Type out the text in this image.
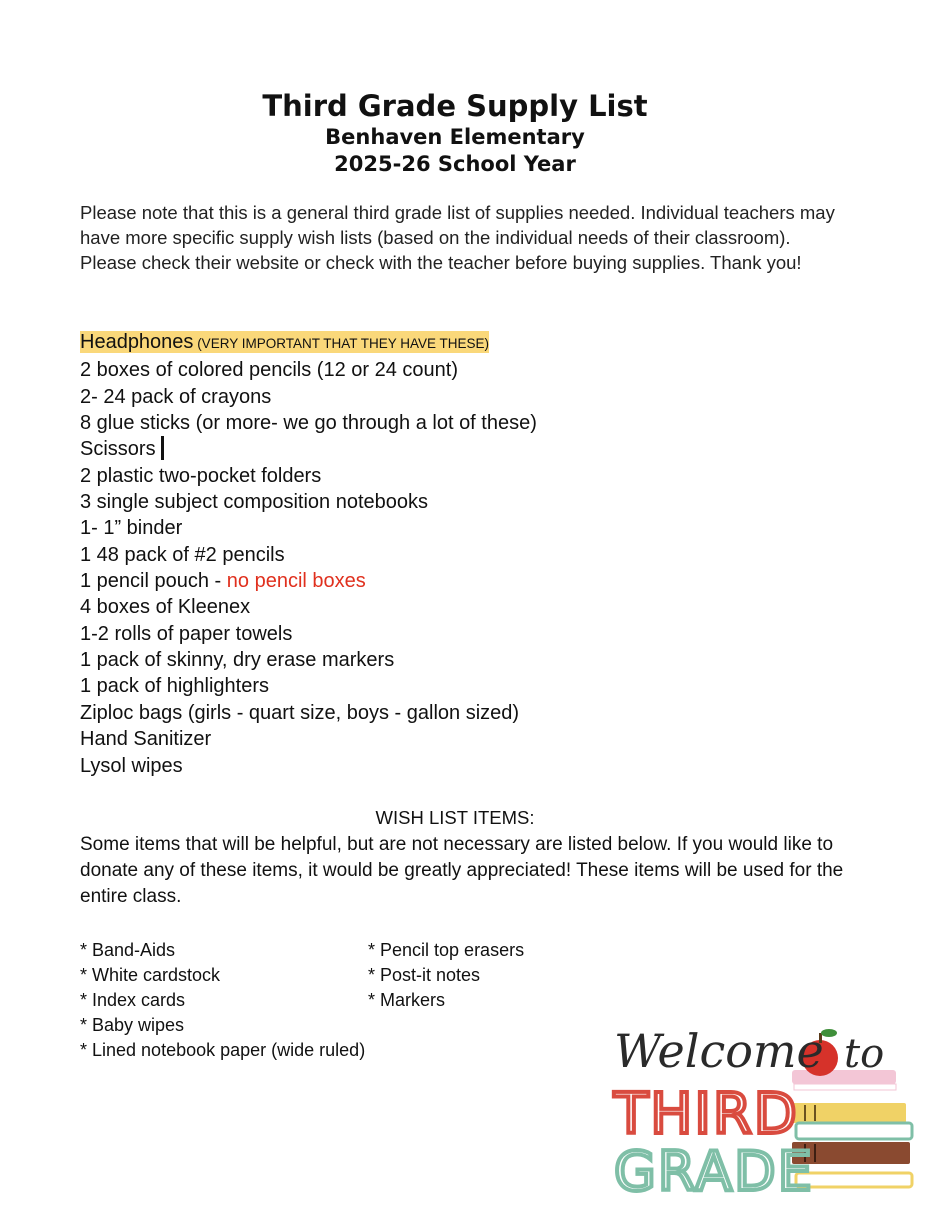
Third Grade Supply List
Benhaven Elementary
2025-26 School Year
Please note that this is a general third grade list of supplies needed. Individual teachers may have more specific supply wish lists (based on the individual needs of their classroom). Please check their website or check with the teacher before buying supplies. Thank you!
Headphones (VERY IMPORTANT THAT THEY HAVE THESE)
2 boxes of colored pencils (12 or 24 count)
2- 24 pack of crayons
8 glue sticks (or more- we go through a lot of these)
Scissors
2 plastic two-pocket folders
3 single subject composition notebooks
1- 1” binder
1 48 pack of #2 pencils
1 pencil pouch - no pencil boxes
4 boxes of Kleenex
1-2 rolls of paper towels
1 pack of skinny, dry erase markers
1 pack of highlighters
Ziploc bags (girls - quart size, boys - gallon sized)
Hand Sanitizer
Lysol wipes
WISH LIST ITEMS:
Some items that will be helpful, but are not necessary are listed below. If you would like to donate any of these items, it would be greatly appreciated! These items will be used for the entire class.
* Band-Aids
* White cardstock
* Index cards
* Baby wipes
* Lined notebook paper (wide ruled)
* Pencil top erasers
* Post-it notes
* Markers
Welcome to
THIRD
GRADE
